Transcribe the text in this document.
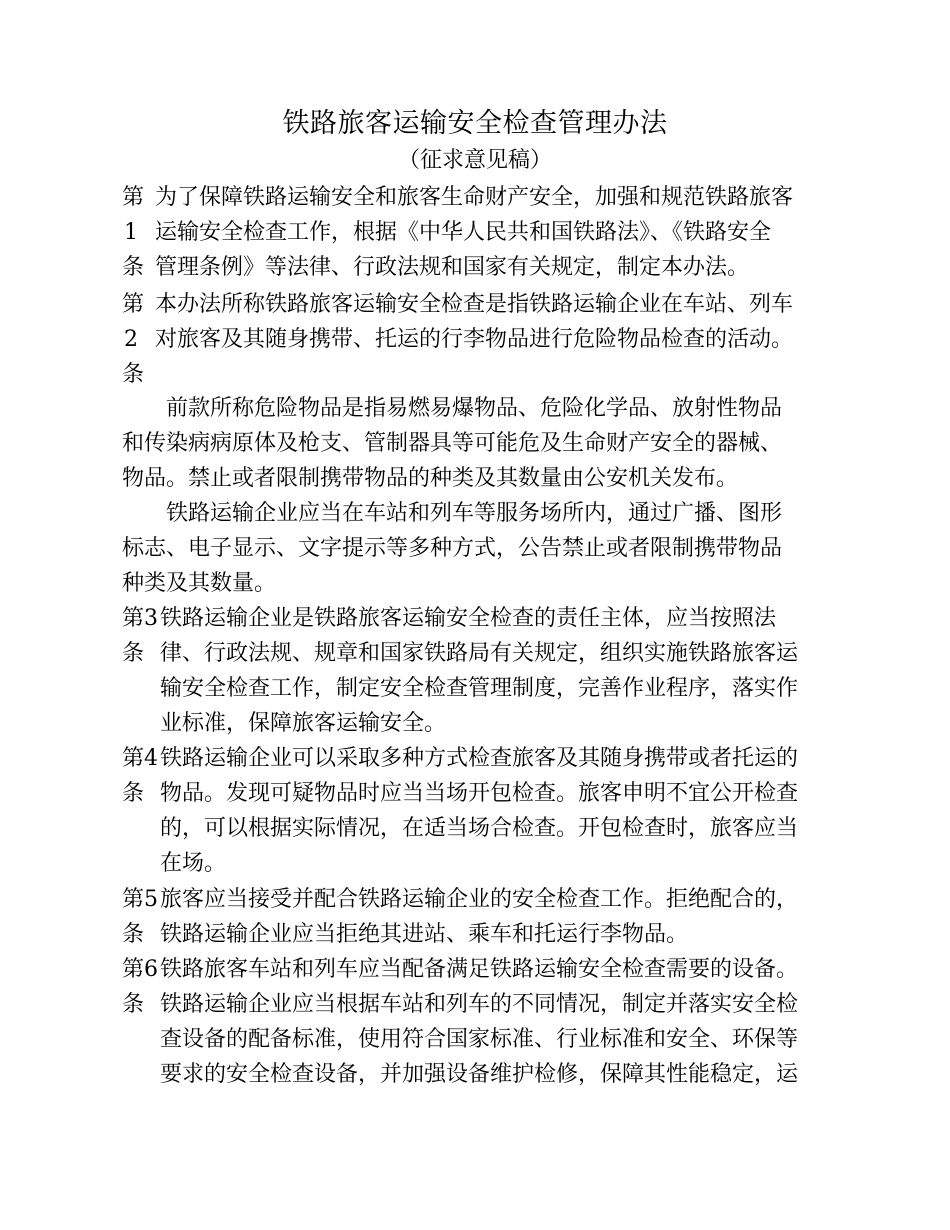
铁路旅客运输安全检查管理办法
（征求意见稿）
第
1
条
为了保障铁路运输安全和旅客生命财产安全，加强和规范铁路旅客
运输安全检查工作，根据《中华人民共和国铁路法》、《铁路安全
管理条例》等法律、行政法规和国家有关规定，制定本办法。
第
2
条
本办法所称铁路旅客运输安全检查是指铁路运输企业在车站、列车
对旅客及其随身携带、托运的行李物品进行危险物品检查的活动。
前款所称危险物品是指易燃易爆物品、危险化学品、放射性物品
和传染病病原体及枪支、管制器具等可能危及生命财产安全的器械、
物品。禁止或者限制携带物品的种类及其数量由公安机关发布。
铁路运输企业应当在车站和列车等服务场所内，通过广播、图形
标志、电子显示、文字提示等多种方式，公告禁止或者限制携带物品
种类及其数量。
第3
条
铁路运输企业是铁路旅客运输安全检查的责任主体，应当按照法
律、行政法规、规章和国家铁路局有关规定，组织实施铁路旅客运
输安全检查工作，制定安全检查管理制度，完善作业程序，落实作
业标准，保障旅客运输安全。
第4
条
铁路运输企业可以采取多种方式检查旅客及其随身携带或者托运的
物品。发现可疑物品时应当当场开包检查。旅客申明不宜公开检查
的，可以根据实际情况，在适当场合检查。开包检查时，旅客应当
在场。
第5
条
旅客应当接受并配合铁路运输企业的安全检查工作。拒绝配合的，
铁路运输企业应当拒绝其进站、乘车和托运行李物品。
第6
条
铁路旅客车站和列车应当配备满足铁路运输安全检查需要的设备。
铁路运输企业应当根据车站和列车的不同情况，制定并落实安全检
查设备的配备标准，使用符合国家标准、行业标准和安全、环保等
要求的安全检查设备，并加强设备维护检修，保障其性能稳定，运
